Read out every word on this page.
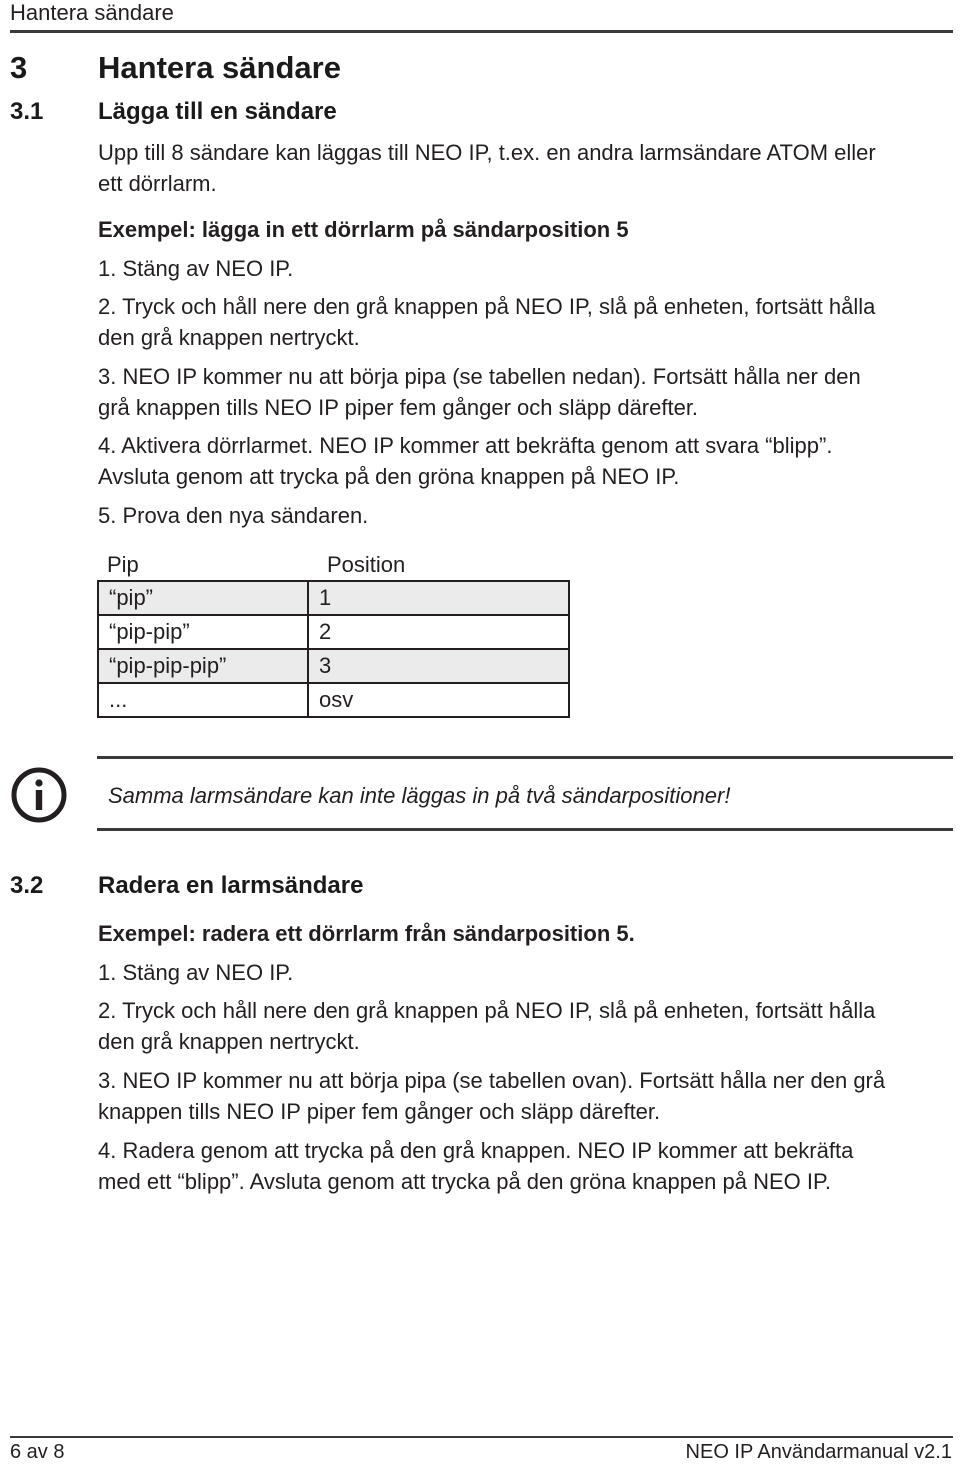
Hantera sändare
3 Hantera sändare
3.1 Lägga till en sändare
Upp till 8 sändare kan läggas till NEO IP, t.ex. en andra larmsändare ATOM eller
ett dörrlarm.
Exempel: lägga in ett dörrlarm på sändarposition 5
1. Stäng av NEO IP.
2. Tryck och håll nere den grå knappen på NEO IP, slå på enheten, fortsätt hålla
den grå knappen nertryckt.
3. NEO IP kommer nu att börja pipa (se tabellen nedan). Fortsätt hålla ner den
grå knappen tills NEO IP piper fem gånger och släpp därefter.
4. Aktivera dörrlarmet. NEO IP kommer att bekräfta genom att svara “blipp”.
Avsluta genom att trycka på den gröna knappen på NEO IP.
5. Prova den nya sändaren.
Pip	Position
“pip”	1
“pip-pip”	2
“pip-pip-pip”	3
...	osv
Samma larmsändare kan inte läggas in på två sändarpositioner!
3.2 Radera en larmsändare
Exempel: radera ett dörrlarm från sändarposition 5.
1. Stäng av NEO IP.
2. Tryck och håll nere den grå knappen på NEO IP, slå på enheten, fortsätt hålla
den grå knappen nertryckt.
3. NEO IP kommer nu att börja pipa (se tabellen ovan). Fortsätt hålla ner den grå
knappen tills NEO IP piper fem gånger och släpp därefter.
4. Radera genom att trycka på den grå knappen. NEO IP kommer att bekräfta
med ett “blipp”. Avsluta genom att trycka på den gröna knappen på NEO IP.
6 av 8	NEO IP Användarmanual v2.1
